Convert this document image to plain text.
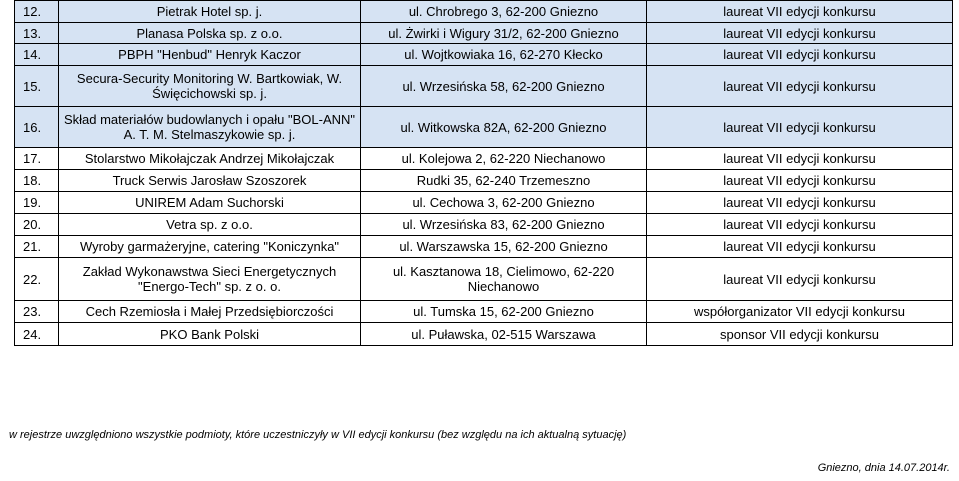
12.	Pietrak Hotel sp. j.	ul. Chrobrego 3, 62-200 Gniezno	laureat VII edycji konkursu
13.	Planasa Polska sp. z o.o.	ul. Żwirki i Wigury 31/2, 62-200 Gniezno	laureat VII edycji konkursu
14.	PBPH "Henbud" Henryk Kaczor	ul. Wojtkowiaka 16, 62-270 Kłecko	laureat VII edycji konkursu
15.	Secura-Security Monitoring W. Bartkowiak, W. Święcichowski sp. j.	ul. Wrzesińska 58, 62-200 Gniezno	laureat VII edycji konkursu
16.	Skład materiałów budowlanych i opału "BOL-ANN" A. T. M. Stelmaszykowie sp. j.	ul. Witkowska 82A, 62-200 Gniezno	laureat VII edycji konkursu
17.	Stolarstwo Mikołajczak Andrzej Mikołajczak	ul. Kolejowa 2, 62-220 Niechanowo	laureat VII edycji konkursu
18.	Truck Serwis Jarosław Szoszorek	Rudki 35, 62-240 Trzemeszno	laureat VII edycji konkursu
19.	UNIREM Adam Suchorski	ul. Cechowa 3, 62-200 Gniezno	laureat VII edycji konkursu
20.	Vetra sp. z o.o.	ul. Wrzesińska 83, 62-200 Gniezno	laureat VII edycji konkursu
21.	Wyroby garmażeryjne, catering "Koniczynka"	ul. Warszawska 15, 62-200 Gniezno	laureat VII edycji konkursu
22.	Zakład Wykonawstwa Sieci Energetycznych "Energo-Tech" sp. z o. o.	ul. Kasztanowa 18, Cielimowo, 62-220 Niechanowo	laureat VII edycji konkursu
23.	Cech Rzemiosła i Małej Przedsiębiorczości	ul. Tumska 15, 62-200 Gniezno	współorganizator VII edycji konkursu
24.	PKO Bank Polski	ul. Puławska, 02-515 Warszawa	sponsor VII edycji konkursu
w rejestrze uwzględniono wszystkie podmioty, które uczestniczyły w VII edycji konkursu (bez względu na ich aktualną sytuację)
Gniezno, dnia 14.07.2014r.
